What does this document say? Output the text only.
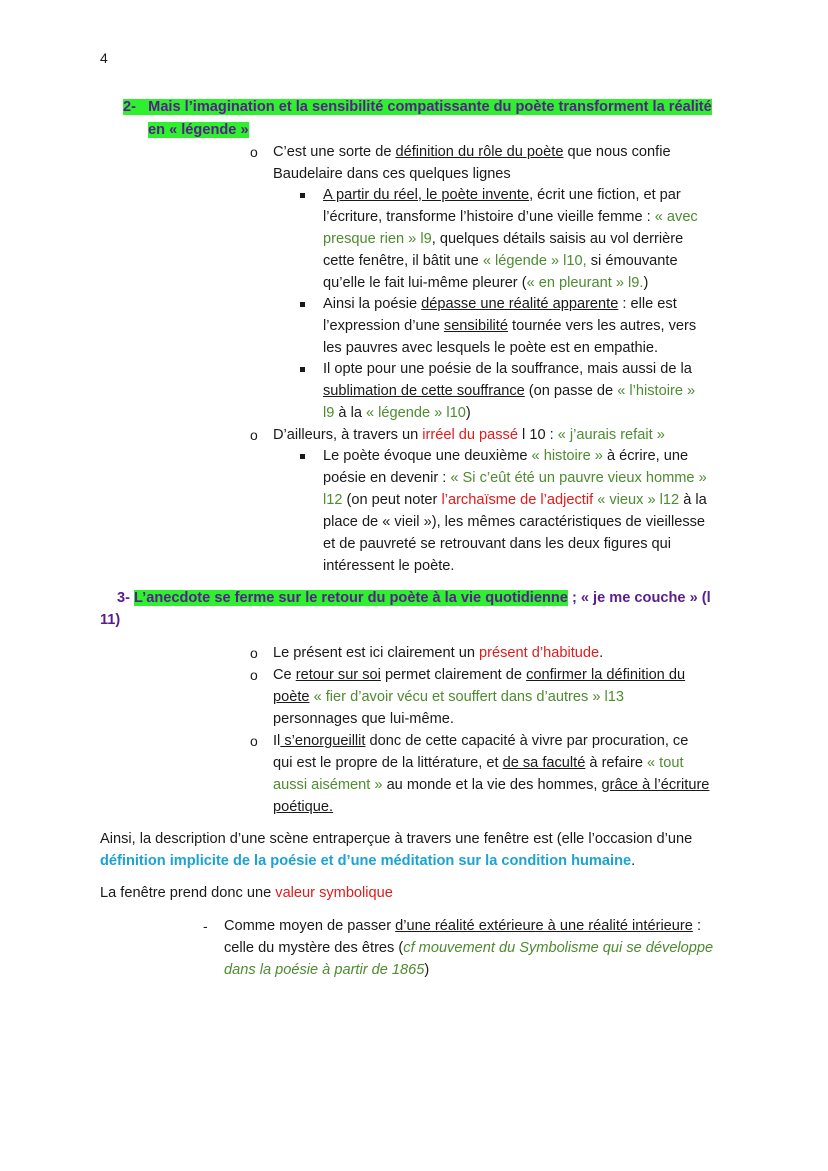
4
2- Mais l’imagination et la sensibilité compatissante du poète transforment la réalité
en « légende »
o C’est une sorte de définition du rôle du poète que nous confie
Baudelaire dans ces quelques lignes
A partir du réel, le poète invente, écrit une fiction, et par
l’écriture, transforme l’histoire d’une vieille femme : « avec
presque rien » l9, quelques détails saisis au vol derrière
cette fenêtre, il bâtit une « légende » l10, si émouvante
qu’elle le fait lui-même pleurer (« en pleurant » l9.)
Ainsi la poésie dépasse une réalité apparente : elle est
l’expression d’une sensibilité tournée vers les autres, vers
les pauvres avec lesquels le poète est en empathie.
Il opte pour une poésie de la souffrance, mais aussi de la
sublimation de cette souffrance (on passe de « l’histoire »
l9 à la « légende » l10)
o D’ailleurs, à travers un irréel du passé l 10 : « j’aurais refait »
Le poète évoque une deuxième « histoire » à écrire, une
poésie en devenir : « Si c’eût été un pauvre vieux homme »
l12 (on peut noter l’archaïsme de l’adjectif « vieux » l12 à la
place de « vieil »), les mêmes caractéristiques de vieillesse
et de pauvreté se retrouvant dans les deux figures qui
intéressent le poète.
3- L’anecdote se ferme sur le retour du poète à la vie quotidienne ; « je me couche » (l
11)
o Le présent est ici clairement un présent d’habitude.
o Ce retour sur soi permet clairement de confirmer la définition du
poète « fier d’avoir vécu et souffert dans d’autres » l13
personnages que lui-même.
o Il s’enorgueillit donc de cette capacité à vivre par procuration, ce
qui est le propre de la littérature, et de sa faculté à refaire « tout
aussi aisément » au monde et la vie des hommes, grâce à l’écriture
poétique.
Ainsi, la description d’une scène entraperçue à travers une fenêtre est (elle l’occasion d’une
définition implicite de la poésie et d’une méditation sur la condition humaine.
La fenêtre prend donc une valeur symbolique
- Comme moyen de passer d’une réalité extérieure à une réalité intérieure :
celle du mystère des êtres (cf mouvement du Symbolisme qui se développe
dans la poésie à partir de 1865)
